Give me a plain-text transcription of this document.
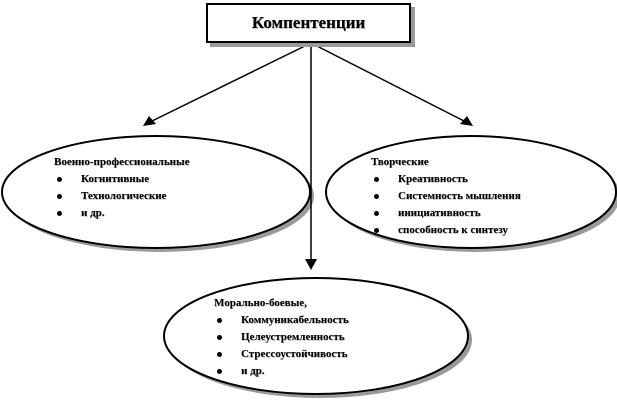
Компентенции
Военно-профессиональные
Когнитивные
Технологические
и др.
Творческие
Креативность
Системность мышления
инициативность
способность к синтезу
Морально-боевые,
Коммуникабельность
Целеустремленность
Стрессоустойчивость
и др.
